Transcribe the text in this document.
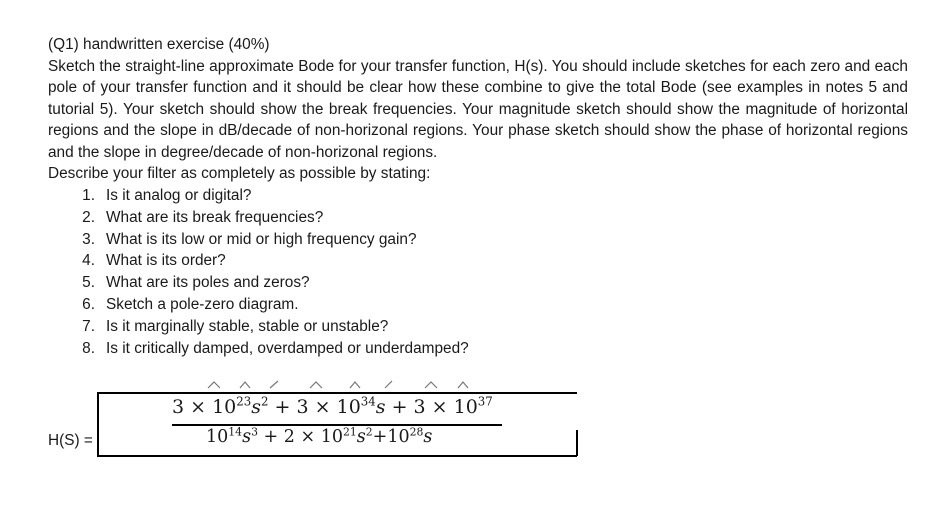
(Q1) handwritten exercise (40%)

Sketch the straight-line approximate Bode for your transfer function, H(s). You should include sketches for each zero and each pole of your transfer function and it should be clear how these combine to give the total Bode (see examples in notes 5 and tutorial 5). Your sketch should show the break frequencies. Your magnitude sketch should show the magnitude of horizontal regions and the slope in dB/decade of non-horizonal regions. Your phase sketch should show the phase of horizontal regions and the slope in degree/decade of non-horizonal regions.

Describe your filter as completely as possible by stating:

1. Is it analog or digital?
2. What are its break frequencies?
3. What is its low or mid or high frequency gain?
4. What is its order?
5. What are its poles and zeros?
6. Sketch a pole-zero diagram.
7. Is it marginally stable, stable or unstable?
8. Is it critically damped, overdamped or underdamped?
H(S) =
$3 \times 10^{23}s^2 + 3 \times 10^{34}s + 3 \times 10^{37}$
$10^{14}s^3 + 2 \times 10^{21}s^2+10^{28}s$
